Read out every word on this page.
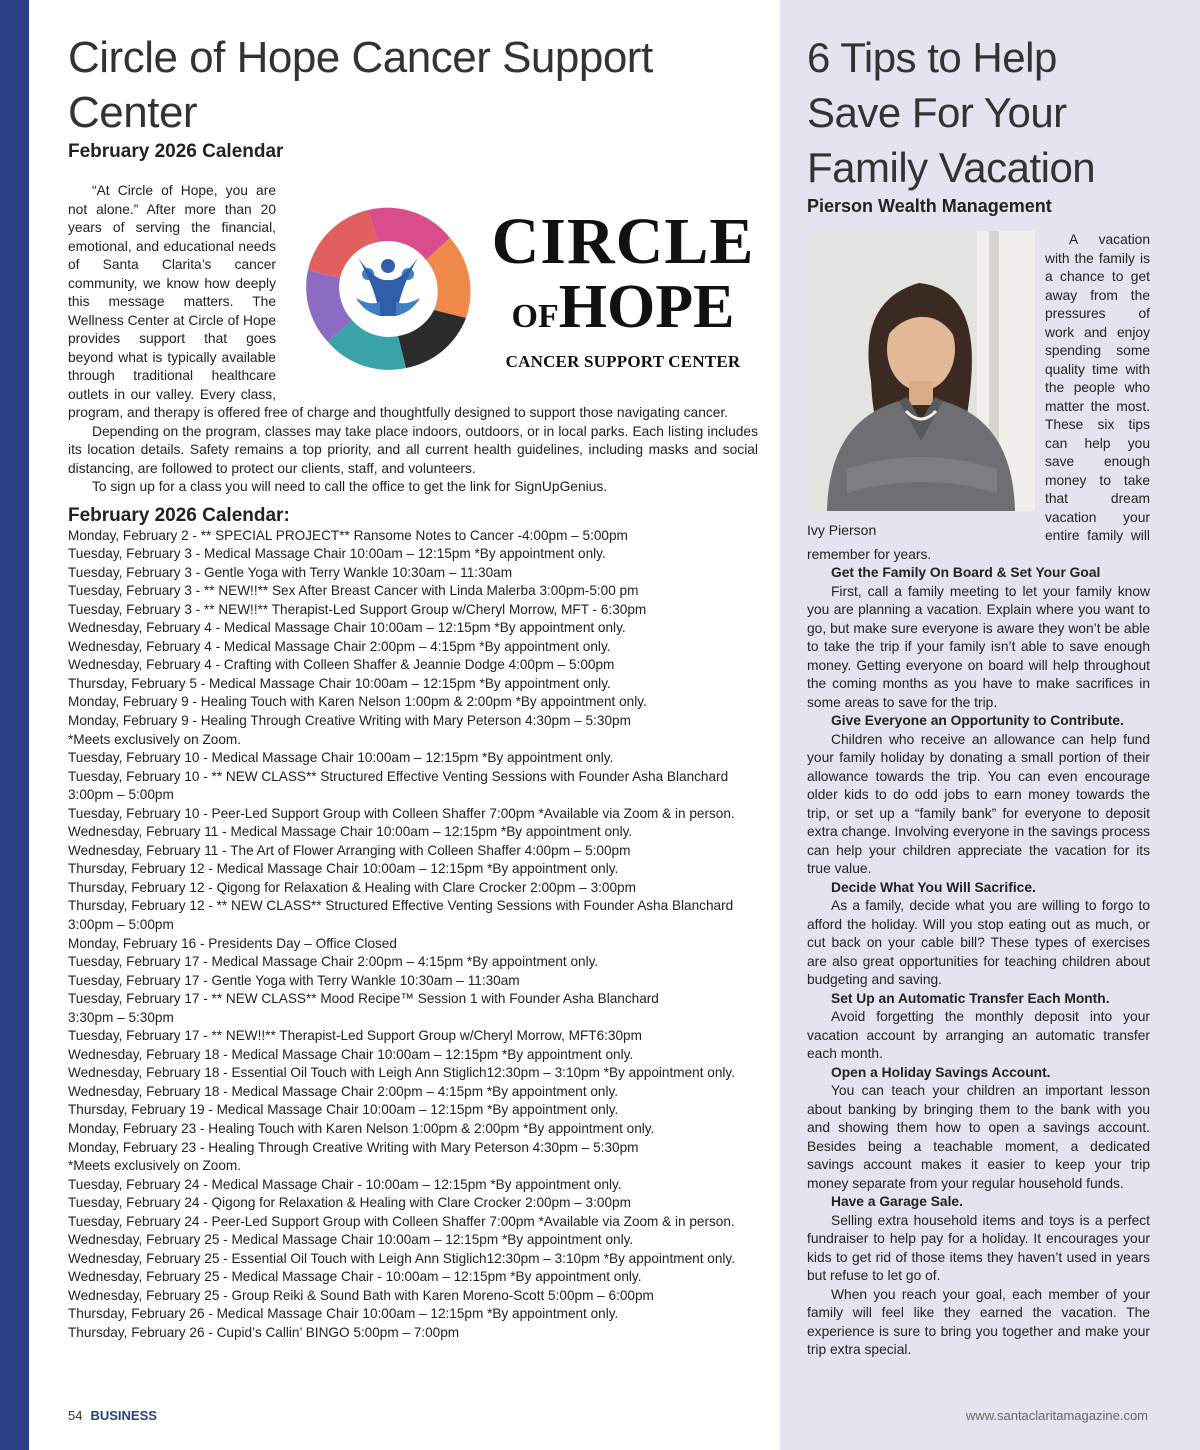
Circle of Hope Cancer Support Center
February 2026 Calendar
CIRCLE
OFHOPE
CANCER SUPPORT CENTER

“At Circle of Hope, you are not alone.” After more than 20 years of serving the financial, emotional, and educational needs of Santa Clarita’s cancer community, we know how deeply this message matters. The Wellness Center at Circle of Hope provides support that goes beyond what is typically available through traditional healthcare outlets in our valley. Every class, program, and therapy is offered free of charge and thoughtfully designed to support those navigating cancer.

Depending on the program, classes may take place indoors, outdoors, or in local parks. Each listing includes its location details. Safety remains a top priority, and all current health guidelines, including masks and social distancing, are followed to protect our clients, staff, and volunteers.

To sign up for a class you will need to call the office to get the link for SignUpGenius.

February 2026 Calendar:
Monday, February 2 - ** SPECIAL PROJECT** Ransome Notes to Cancer -4:00pm – 5:00pm
Tuesday, February 3 - Medical Massage Chair 10:00am – 12:15pm *By appointment only.
Tuesday, February 3 - Gentle Yoga with Terry Wankle 10:30am – 11:30am
Tuesday, February 3 - ** NEW!!** Sex After Breast Cancer with Linda Malerba 3:00pm-5:00 pm
Tuesday, February 3 - ** NEW!!** Therapist-Led Support Group w/Cheryl Morrow, MFT - 6:30pm
Wednesday, February 4 - Medical Massage Chair 10:00am – 12:15pm *By appointment only.
Wednesday, February 4 - Medical Massage Chair 2:00pm – 4:15pm *By appointment only.
Wednesday, February 4 - Crafting with Colleen Shaffer & Jeannie Dodge 4:00pm – 5:00pm
Thursday, February 5 - Medical Massage Chair 10:00am – 12:15pm *By appointment only.
Monday, February 9 - Healing Touch with Karen Nelson 1:00pm & 2:00pm *By appointment only.
Monday, February 9 - Healing Through Creative Writing with Mary Peterson 4:30pm – 5:30pm
*Meets exclusively on Zoom.
Tuesday, February 10 - Medical Massage Chair 10:00am – 12:15pm *By appointment only.
Tuesday, February 10 - ** NEW CLASS** Structured Effective Venting Sessions with Founder Asha Blanchard
3:00pm – 5:00pm
Tuesday, February 10 - Peer-Led Support Group with Colleen Shaffer 7:00pm *Available via Zoom & in person.
Wednesday, February 11 - Medical Massage Chair 10:00am – 12:15pm *By appointment only.
Wednesday, February 11 - The Art of Flower Arranging with Colleen Shaffer 4:00pm – 5:00pm
Thursday, February 12 - Medical Massage Chair 10:00am – 12:15pm *By appointment only.
Thursday, February 12 - Qigong for Relaxation & Healing with Clare Crocker 2:00pm – 3:00pm
Thursday, February 12 - ** NEW CLASS** Structured Effective Venting Sessions with Founder Asha Blanchard
3:00pm – 5:00pm
Monday, February 16 - Presidents Day – Office Closed
Tuesday, February 17 - Medical Massage Chair 2:00pm – 4:15pm *By appointment only.
Tuesday, February 17 - Gentle Yoga with Terry Wankle 10:30am – 11:30am
Tuesday, February 17 - ** NEW CLASS** Mood Recipe™ Session 1 with Founder Asha Blanchard
3:30pm – 5:30pm
Tuesday, February 17 - ** NEW!!** Therapist-Led Support Group w/Cheryl Morrow, MFT6:30pm
Wednesday, February 18 - Medical Massage Chair 10:00am – 12:15pm *By appointment only.
Wednesday, February 18 - Essential Oil Touch with Leigh Ann Stiglich12:30pm – 3:10pm *By appointment only.
Wednesday, February 18 - Medical Massage Chair 2:00pm – 4:15pm *By appointment only.
Thursday, February 19 - Medical Massage Chair 10:00am – 12:15pm *By appointment only.
Monday, February 23 - Healing Touch with Karen Nelson 1:00pm & 2:00pm *By appointment only.
Monday, February 23 - Healing Through Creative Writing with Mary Peterson 4:30pm – 5:30pm
*Meets exclusively on Zoom.
Tuesday, February 24 - Medical Massage Chair - 10:00am – 12:15pm *By appointment only.
Tuesday, February 24 - Qigong for Relaxation & Healing with Clare Crocker 2:00pm – 3:00pm
Tuesday, February 24 - Peer-Led Support Group with Colleen Shaffer 7:00pm *Available via Zoom & in person.
Wednesday, February 25 - Medical Massage Chair 10:00am – 12:15pm *By appointment only.
Wednesday, February 25 - Essential Oil Touch with Leigh Ann Stiglich12:30pm – 3:10pm *By appointment only.
Wednesday, February 25 - Medical Massage Chair - 10:00am – 12:15pm *By appointment only.
Wednesday, February 25 - Group Reiki & Sound Bath with Karen Moreno-Scott 5:00pm – 6:00pm
Thursday, February 26 - Medical Massage Chair 10:00am – 12:15pm *By appointment only.
Thursday, February 26 - Cupid’s Callin’ BINGO 5:00pm – 7:00pm
6 Tips to Help Save For Your Family Vacation
Pierson Wealth Management
Ivy Pierson

A vacation with the family is a chance to get away from the pressures of work and enjoy spending some quality time with the people who matter the most. These six tips can help you save enough money to take that dream vacation your entire family will remember for years.

Get the Family On Board & Set Your Goal

First, call a family meeting to let your family know you are planning a vacation. Explain where you want to go, but make sure everyone is aware they won’t be able to take the trip if your family isn’t able to save enough money. Getting everyone on board will help throughout the coming months as you have to make sacrifices in some areas to save for the trip.

Give Everyone an Opportunity to Contribute.

Children who receive an allowance can help fund your family holiday by donating a small portion of their allowance towards the trip. You can even encourage older kids to do odd jobs to earn money towards the trip, or set up a “family bank” for everyone to deposit extra change. Involving everyone in the savings process can help your children appreciate the vacation for its true value.

Decide What You Will Sacrifice.

As a family, decide what you are willing to forgo to afford the holiday. Will you stop eating out as much, or cut back on your cable bill? These types of exercises are also great opportunities for teaching children about budgeting and saving.

Set Up an Automatic Transfer Each Month.

Avoid forgetting the monthly deposit into your vacation account by arranging an automatic transfer each month.

Open a Holiday Savings Account.

You can teach your children an important lesson about banking by bringing them to the bank with you and showing them how to open a savings account. Besides being a teachable moment, a dedicated savings account makes it easier to keep your trip money separate from your regular household funds.

Have a Garage Sale.

Selling extra household items and toys is a perfect fundraiser to help pay for a holiday. It encourages your kids to get rid of those items they haven’t used in years but refuse to let go of.

When you reach your goal, each member of your family will feel like they earned the vacation. The experience is sure to bring you together and make your trip extra special.

54 BUSINESS	www.santaclaritamagazine.com
